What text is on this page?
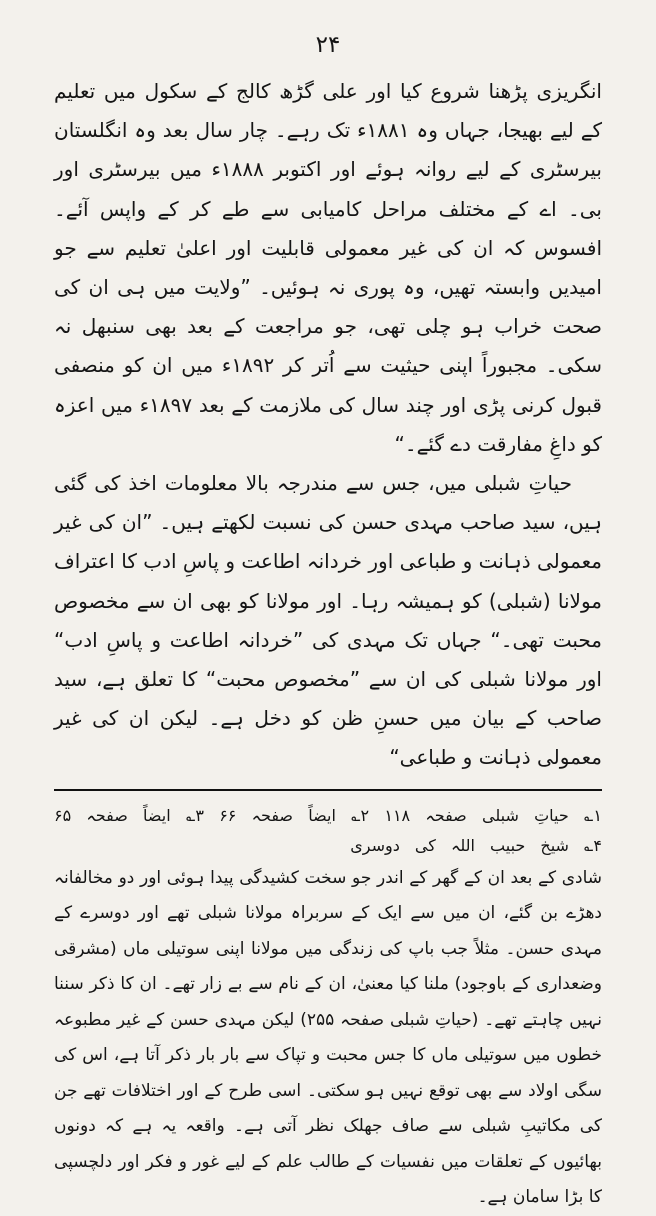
۲۴

انگریزی پڑھنا شروع کیا اور علی گڑھ کالج کے سکول میں تعلیم کے لیے بھیجا، جہاں وہ ۱۸۸۱ء تک رہے۔ چار سال بعد وہ انگلستان بیرسٹری کے لیے روانہ ہوئے اور اکتوبر ۱۸۸۸ء میں بیرسٹری اور بی۔ اے کے مختلف مراحل کامیابی سے طے کر کے واپس آئے۔ افسوس کہ ان کی غیر معمولی قابلیت اور اعلیٰ تعلیم سے جو امیدیں وابستہ تھیں، وہ پوری نہ ہوئیں۔ ”ولایت میں ہی ان کی صحت خراب ہو چلی تھی، جو مراجعت کے بعد بھی سنبھل نہ سکی۔ مجبوراً اپنی حیثیت سے اُتر کر ۱۸۹۲ء میں ان کو منصفی قبول کرنی پڑی اور چند سال کی ملازمت کے بعد ۱۸۹۷ء میں اعزہ کو داغِ مفارقت دے گئے۔“

حیاتِ شبلی میں، جس سے مندرجہ بالا معلومات اخذ کی گئی ہیں، سید صاحب مہدی حسن کی نسبت لکھتے ہیں۔ ”ان کی غیر معمولی ذہانت و طباعی اور خردانہ اطاعت و پاسِ ادب کا اعتراف مولانا (شبلی) کو ہمیشہ رہا۔ اور مولانا کو بھی ان سے مخصوص محبت تھی۔“ جہاں تک مہدی کی ”خردانہ اطاعت و پاسِ ادب“ اور مولانا شبلی کی ان سے ”مخصوص محبت“ کا تعلق ہے، سید صاحب کے بیان میں حسنِ ظن کو دخل ہے۔ لیکن ان کی غیر معمولی ذہانت و طباعی“

۱؎ حیاتِ شبلی صفحہ ۱۱۸ ۲؎ ایضاً صفحہ ۶۶ ۳؎ ایضاً صفحہ ۶۵ ۴؎ شیخ حبیب اللہ کی دوسری

شادی کے بعد ان کے گھر کے اندر جو سخت کشیدگی پیدا ہوئی اور دو مخالفانہ دھڑے بن گئے، ان میں سے ایک کے سربراہ مولانا شبلی تھے اور دوسرے کے مہدی حسن۔ مثلاً جب باپ کی زندگی میں مولانا اپنی سوتیلی ماں (مشرقی وضعداری کے باوجود) ملنا کیا معنیٰ، ان کے نام سے بے زار تھے۔ ان کا ذکر سننا نہیں چاہتے تھے۔ (حیاتِ شبلی صفحہ ۲۵۵) لیکن مہدی حسن کے غیر مطبوعہ خطوں میں سوتیلی ماں کا جس محبت و تپاک سے بار بار ذکر آتا ہے، اس کی سگی اولاد سے بھی توقع نہیں ہو سکتی۔ اسی طرح کے اور اختلافات تھے جن کی مکاتیبِ شبلی سے صاف جھلک نظر آتی ہے۔ واقعہ یہ ہے کہ دونوں بھائیوں کے تعلقات میں نفسیات کے طالب علم کے لیے غور و فکر اور دلچسپی کا بڑا سامان ہے۔
